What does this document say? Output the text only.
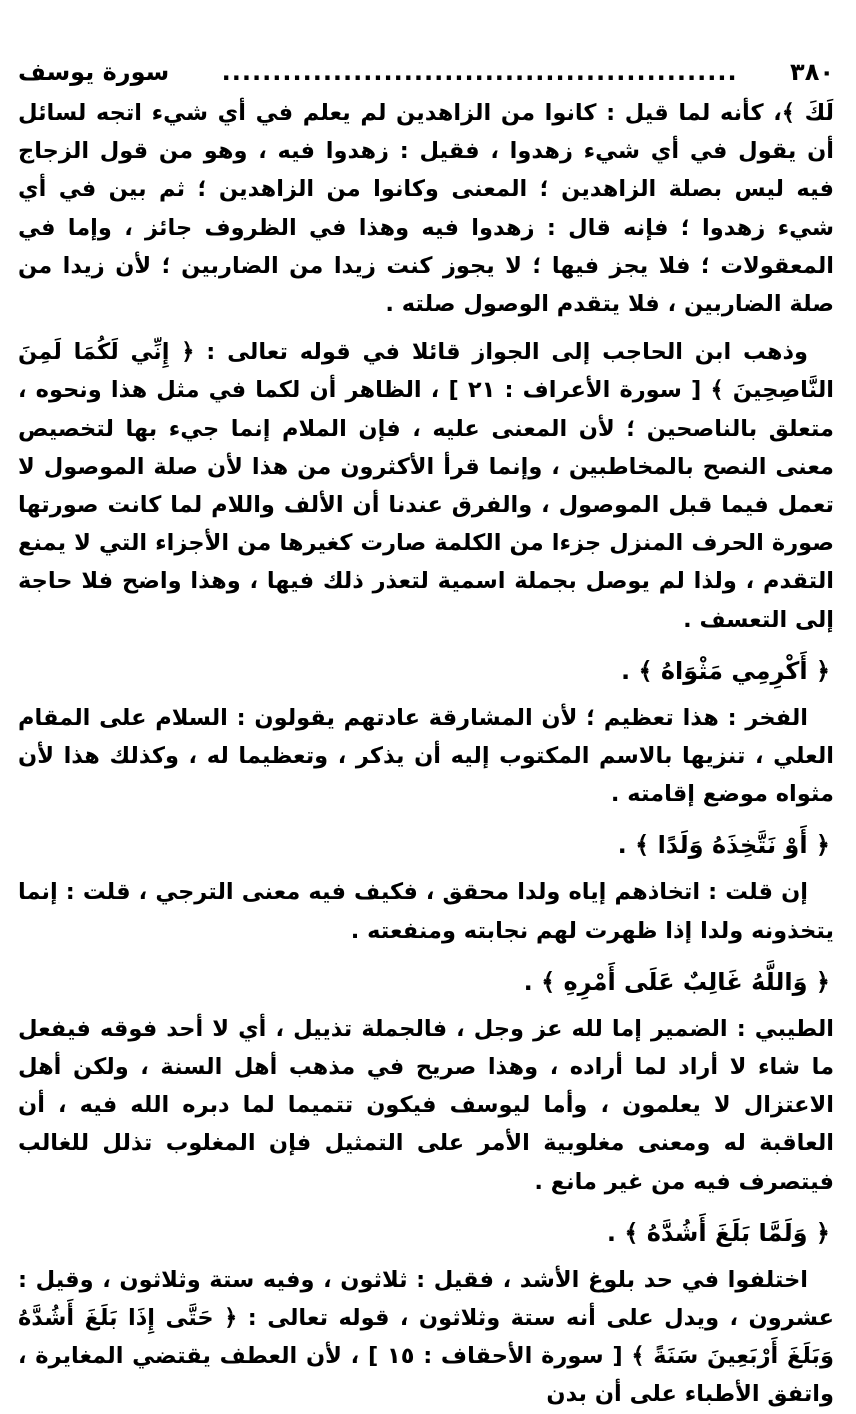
٣٨٠
...................................................
سورة يوسف

لَكَ ﴾، كأنه لما قيل : كانوا من الزاهدين لم يعلم في أي شيء اتجه لسائل أن يقول في أي شيء زهدوا ، فقيل : زهدوا فيه ، وهو من قول الزجاج فيه ليس بصلة الزاهدين ؛ المعنى وكانوا من الزاهدين ؛ ثم بين في أي شيء زهدوا ؛ فإنه قال : زهدوا فيه وهذا في الظروف جائز ، وإما في المعقولات ؛ فلا يجز فيها ؛ لا يجوز كنت زيدا من الضاربين ؛ لأن زيدا من صلة الضاربين ، فلا يتقدم الوصول صلته .

وذهب ابن الحاجب إلى الجواز قائلا في قوله تعالى : ﴿ إِنِّي لَكُمَا لَمِنَ النَّاصِحِينَ ﴾ [ سورة الأعراف : ٢١ ] ، الظاهر أن لكما في مثل هذا ونحوه ، متعلق بالناصحين ؛ لأن المعنى عليه ، فإن الملام إنما جيء بها لتخصيص معنى النصح بالمخاطبين ، وإنما قرأ الأكثرون من هذا لأن صلة الموصول لا تعمل فيما قبل الموصول ، والفرق عندنا أن الألف واللام لما كانت صورتها صورة الحرف المنزل جزءا من الكلمة صارت كغيرها من الأجزاء التي لا يمنع التقدم ، ولذا لم يوصل بجملة اسمية لتعذر ذلك فيها ، وهذا واضح فلا حاجة إلى التعسف .

﴿ أَكْرِمِي مَثْوَاهُ ﴾ .

الفخر : هذا تعظيم ؛ لأن المشارقة عادتهم يقولون : السلام على المقام العلي ، تنزيها بالاسم المكتوب إليه أن يذكر ، وتعظيما له ، وكذلك هذا لأن مثواه موضع إقامته .

﴿ أَوْ نَتَّخِذَهُ وَلَدًا ﴾ .

إن قلت : اتخاذهم إياه ولدا محقق ، فكيف فيه معنى الترجي ، قلت : إنما يتخذونه ولدا إذا ظهرت لهم نجابته ومنفعته .

﴿ وَاللَّهُ غَالِبٌ عَلَى أَمْرِهِ ﴾ .

الطيبي : الضمير إما لله عز وجل ، فالجملة تذييل ، أي لا أحد فوقه فيفعل ما شاء لا أراد لما أراده ، وهذا صريح في مذهب أهل السنة ، ولكن أهل الاعتزال لا يعلمون ، وأما ليوسف فيكون تتميما لما دبره الله فيه ، أن العاقبة له ومعنى مغلوبية الأمر على التمثيل فإن المغلوب تذلل للغالب فيتصرف فيه من غير مانع .

﴿ وَلَمَّا بَلَغَ أَشُدَّهُ ﴾ .

اختلفوا في حد بلوغ الأشد ، فقيل : ثلاثون ، وفيه ستة وثلاثون ، وقيل : عشرون ، ويدل على أنه ستة وثلاثون ، قوله تعالى : ﴿ حَتَّى إِذَا بَلَغَ أَشُدَّهُ وَبَلَغَ أَرْبَعِينَ سَنَةً ﴾ [ سورة الأحقاف : ١٥ ] ، لأن العطف يقتضي المغايرة ، واتفق الأطباء على أن بدن
